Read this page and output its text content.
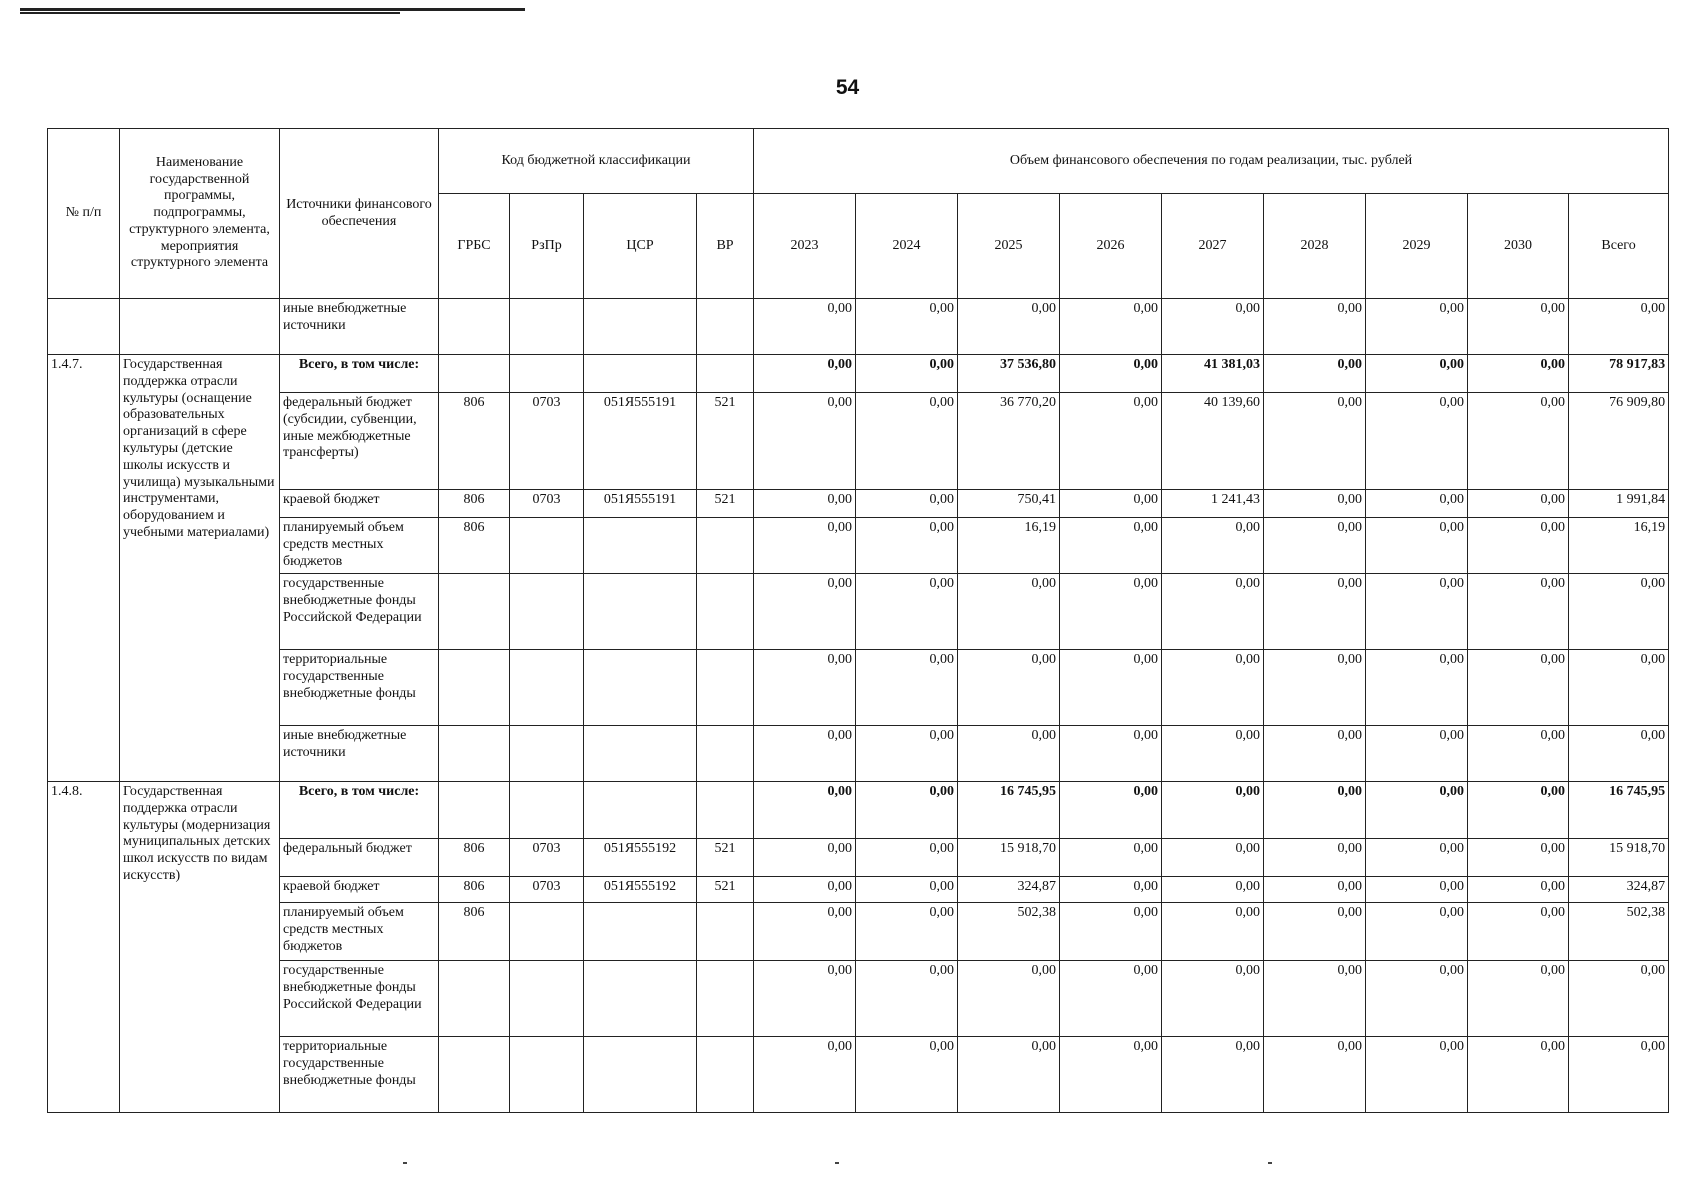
54
№ п/п	Наименование государственной программы, подпрограммы, структурного элемента, мероприятия структурного элемента	Источники финансового обеспечения	Код бюджетной классификации				Объем финансового обеспечения по годам реализации, тыс. рублей								
			ГРБС	РзПр	ЦСР	ВР	2023	2024	2025	2026	2027	2028	2029	2030	Всего
		иные внебюджетные источники					0,00	0,00	0,00	0,00	0,00	0,00	0,00	0,00	0,00
1.4.7.	Государственная поддержка отрасли культуры (оснащение образовательных организаций в сфере культуры (детские школы искусств и училища) музыкальными инструментами, оборудованием и учебными материалами)	Всего, в том числе:					0,00	0,00	37 536,80	0,00	41 381,03	0,00	0,00	0,00	78 917,83
		федеральный бюджет (субсидии, субвенции, иные межбюджетные трансферты)	806	0703	051Я555191	521	0,00	0,00	36 770,20	0,00	40 139,60	0,00	0,00	0,00	76 909,80
		краевой бюджет	806	0703	051Я555191	521	0,00	0,00	750,41	0,00	1 241,43	0,00	0,00	0,00	1 991,84
		планируемый объем средств местных бюджетов	806				0,00	0,00	16,19	0,00	0,00	0,00	0,00	0,00	16,19
		государственные внебюджетные фонды Российской Федерации					0,00	0,00	0,00	0,00	0,00	0,00	0,00	0,00	0,00
		территориальные государственные внебюджетные фонды					0,00	0,00	0,00	0,00	0,00	0,00	0,00	0,00	0,00
		иные внебюджетные источники					0,00	0,00	0,00	0,00	0,00	0,00	0,00	0,00	0,00
1.4.8.	Государственная поддержка отрасли культуры (модернизация муниципальных детских школ искусств по видам искусств)	Всего, в том числе:					0,00	0,00	16 745,95	0,00	0,00	0,00	0,00	0,00	16 745,95
		федеральный бюджет	806	0703	051Я555192	521	0,00	0,00	15 918,70	0,00	0,00	0,00	0,00	0,00	15 918,70
		краевой бюджет	806	0703	051Я555192	521	0,00	0,00	324,87	0,00	0,00	0,00	0,00	0,00	324,87
		планируемый объем средств местных бюджетов	806				0,00	0,00	502,38	0,00	0,00	0,00	0,00	0,00	502,38
		государственные внебюджетные фонды Российской Федерации					0,00	0,00	0,00	0,00	0,00	0,00	0,00	0,00	0,00
		территориальные государственные внебюджетные фонды					0,00	0,00	0,00	0,00	0,00	0,00	0,00	0,00	0,00
